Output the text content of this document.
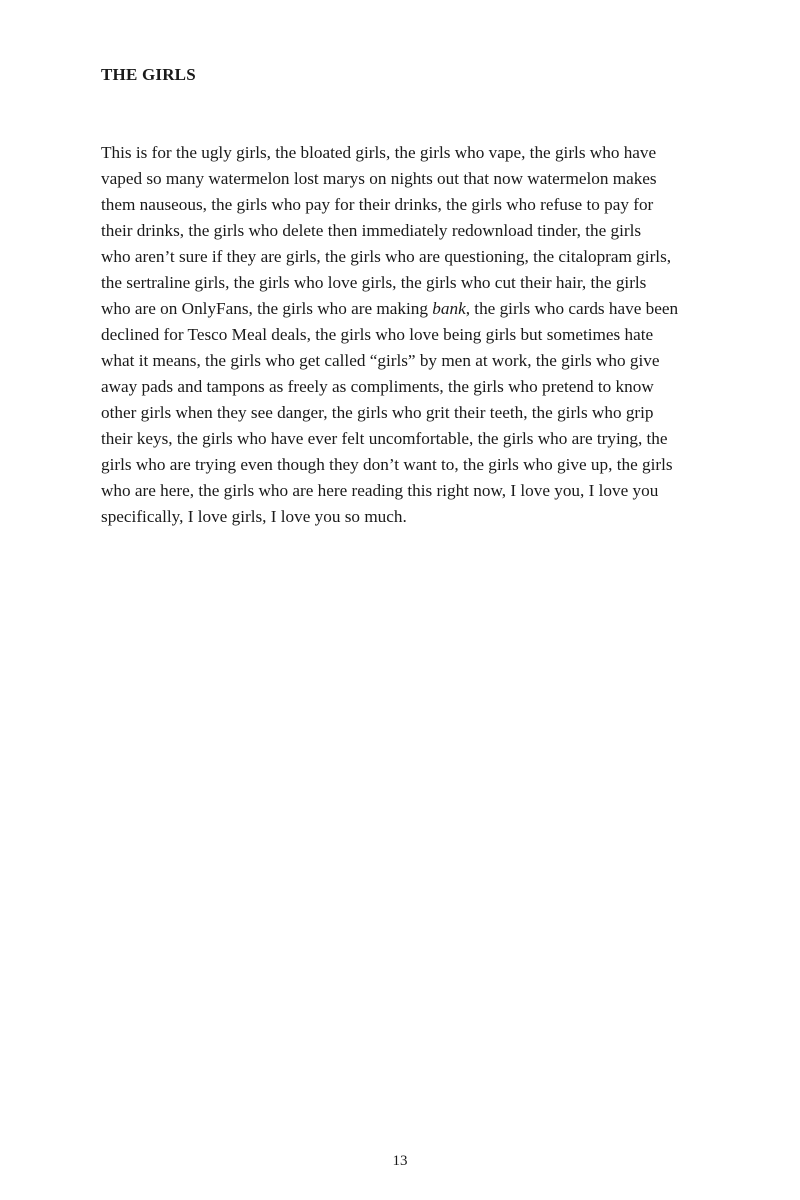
THE GIRLS

This is for the ugly girls, the bloated girls, the girls who vape, the girls who have
vaped so many watermelon lost marys on nights out that now watermelon makes
them nauseous, the girls who pay for their drinks, the girls who refuse to pay for
their drinks, the girls who delete then immediately redownload tinder, the girls
who aren’t sure if they are girls, the girls who are questioning, the citalopram girls,
the sertraline girls, the girls who love girls, the girls who cut their hair, the girls
who are on OnlyFans, the girls who are making bank, the girls who cards have been
declined for Tesco Meal deals, the girls who love being girls but sometimes hate
what it means, the girls who get called “girls” by men at work, the girls who give
away pads and tampons as freely as compliments, the girls who pretend to know
other girls when they see danger, the girls who grit their teeth, the girls who grip
their keys, the girls who have ever felt uncomfortable, the girls who are trying, the
girls who are trying even though they don’t want to, the girls who give up, the girls
who are here, the girls who are here reading this right now, I love you, I love you
specifically, I love girls, I love you so much.

13
